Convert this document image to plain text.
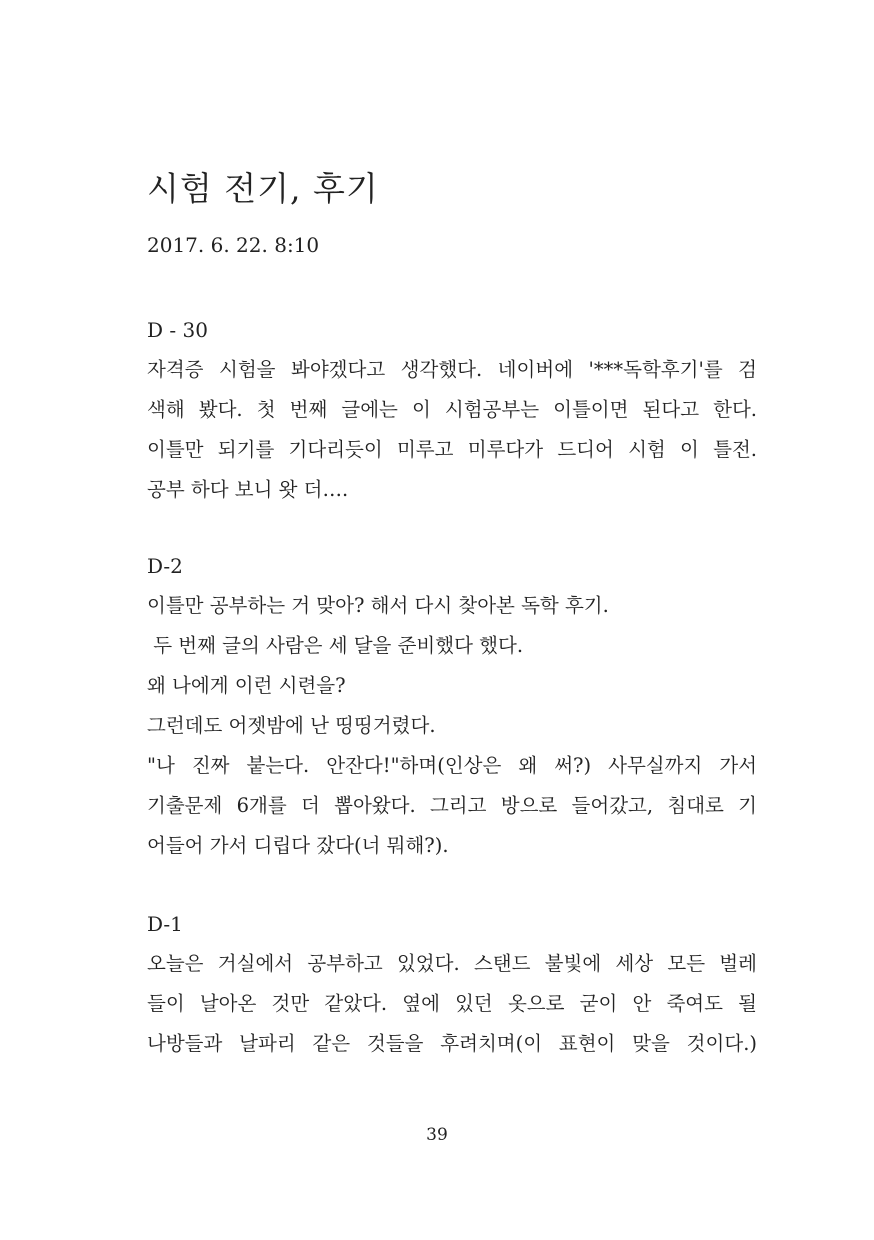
시험 전기, 후기
2017. 6. 22. 8:10
D - 30
자격증 시험을 봐야겠다고 생각했다. 네이버에 '***독학후기'를 검
색해 봤다. 첫 번째 글에는 이 시험공부는 이틀이면 된다고 한다.
이틀만 되기를 기다리듯이 미루고 미루다가 드디어 시험 이 틀전.
공부 하다 보니 왓 더….
D-2
이틀만 공부하는 거 맞아? 해서 다시 찾아본 독학 후기.
두 번째 글의 사람은 세 달을 준비했다 했다.
왜 나에게 이런 시련을?
그런데도 어젯밤에 난 띵띵거렸다.
"나 진짜 붙는다. 안잔다!"하며(인상은 왜 써?) 사무실까지 가서
기출문제 6개를 더 뽑아왔다. 그리고 방으로 들어갔고, 침대로 기
어들어 가서 디립다 잤다(너 뭐해?).
D-1
오늘은 거실에서 공부하고 있었다. 스탠드 불빛에 세상 모든 벌레
들이 날아온 것만 같았다. 옆에 있던 옷으로 굳이 안 죽여도 될
나방들과 날파리 같은 것들을 후려치며(이 표현이 맞을 것이다.)
39
